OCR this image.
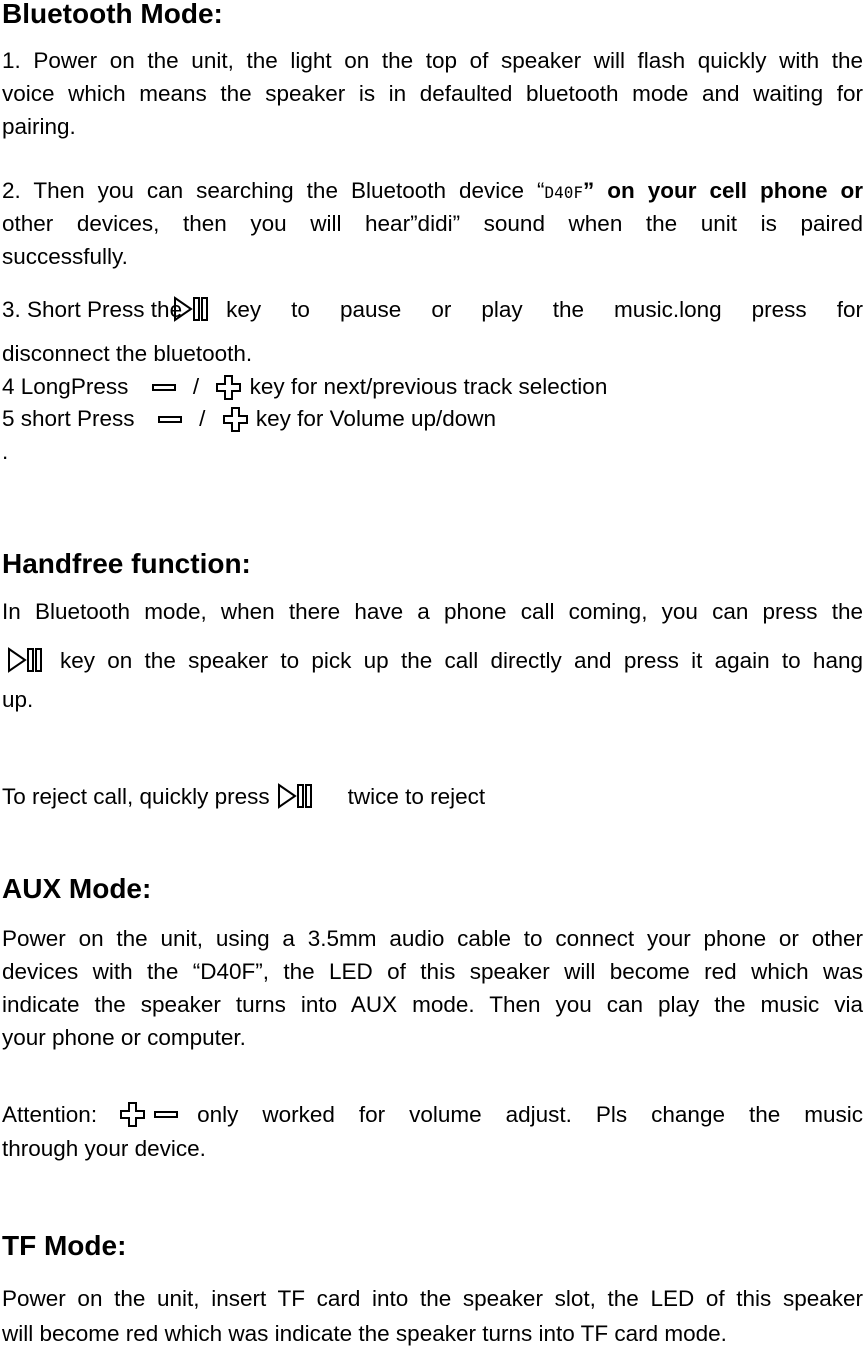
Bluetooth Mode:

1. Power on the unit, the light on the top of speaker will flash quickly with the

voice which means the speaker is in defaulted bluetooth mode and waiting for

pairing.

2. Then you can searching the Bluetooth device “D40F” on your cell phone or

other devices, then you will hear”didi” sound when the unit is paired

successfully.

3. Short Press the key to pause or play the music.long press for

disconnect the bluetooth.

4 LongPress	/ key for next/previous track selection

5 short Press	/ key for Volume up/down

.

Handfree function:

In Bluetooth mode, when there have a phone call coming, you can press the

key on the speaker to pick up the call directly and press it again to hang

up.

To reject call, quickly press	twice to reject

AUX Mode:

Power on the unit, using a 3.5mm audio cable to connect your phone or other

devices with the “D40F”, the LED of this speaker will become red which was

indicate the speaker turns into AUX mode. Then you can play the music via

your phone or computer.

Attention:	only worked for volume adjust. Pls change the music

through your device.

TF Mode:

Power on the unit, insert TF card into the speaker slot, the LED of this speaker

will become red which was indicate the speaker turns into TF card mode.
